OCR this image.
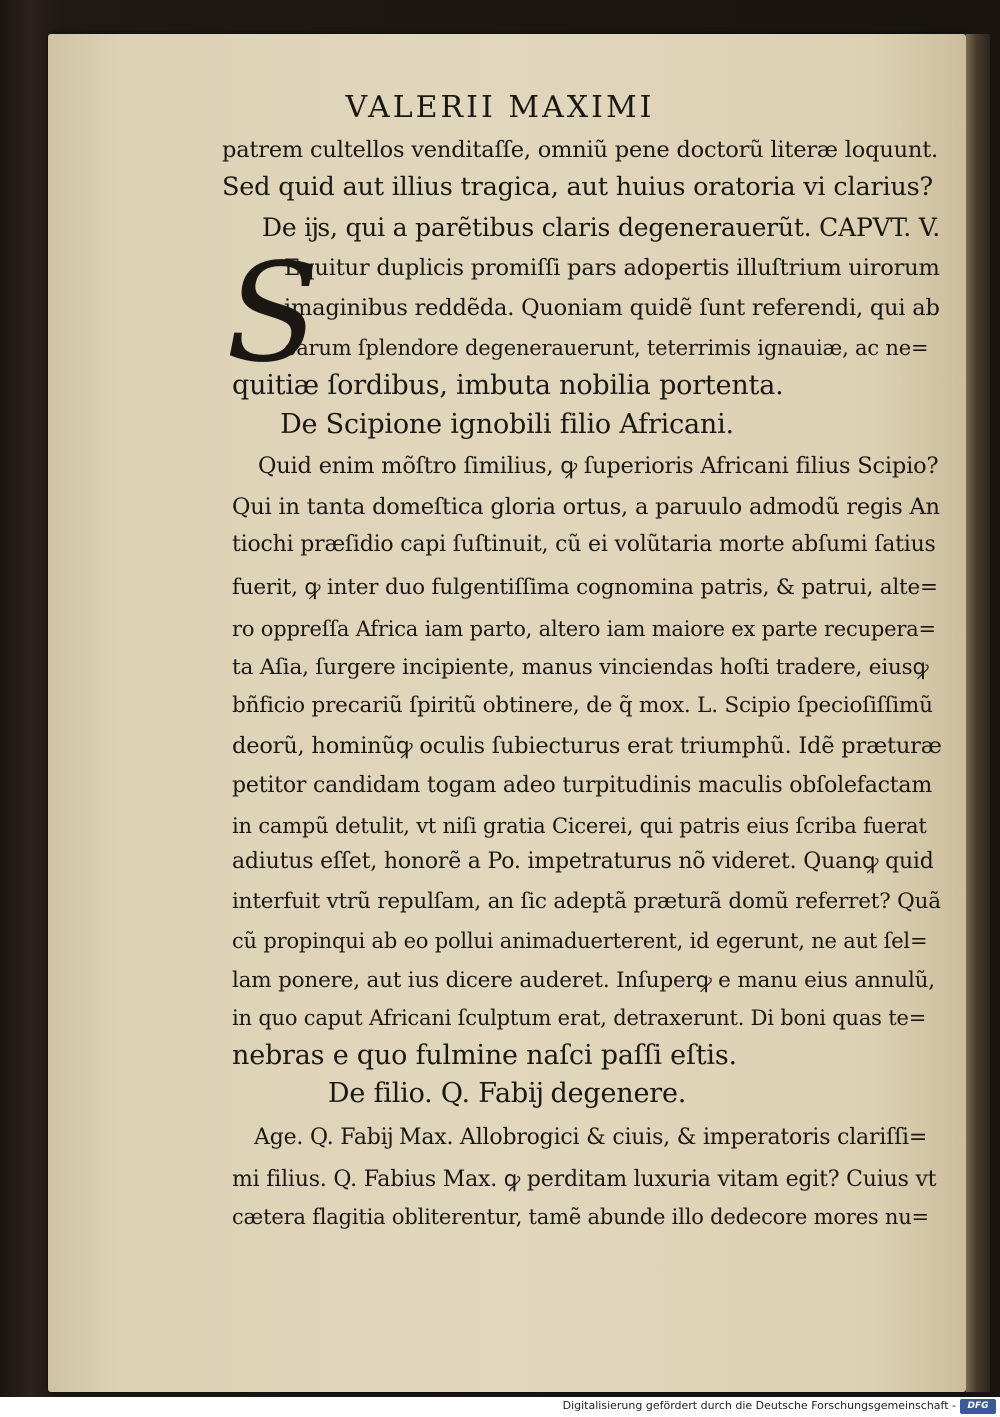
VALERII MAXIMI
S
patrem cultellos venditaſſe, omniũ pene doctorũ literæ loquunt.
Sed quid aut illius tragica, aut huius oratoria vi clarius?
De ĳs, qui a parẽtibus claris degenerauerũt. CAPVT. V.
Equitur duplicis promiſſi pars adopertis illuſtrium uirorum
imaginibus reddẽda. Quoniam quidẽ ſunt referendi, qui ab
earum ſplendore degenerauerunt, teterrimis ignauiæ, ac ne=
quitiæ ſordibus, imbuta nobilia portenta.
De Scipione ignobili filio Africani.
Quid enim mõſtro ſimilius, ꝙ ſuperioris Africani filius Scipio?
Qui in tanta domeſtica gloria ortus, a paruulo admodũ regis An
tiochi præſidio capi ſuſtinuit, cũ ei volũtaria morte abſumi ſatius
fuerit, ꝙ inter duo fulgentiſſima cognomina patris, & patrui, alte=
ro oppreſſa Africa iam parto, altero iam maiore ex parte recupera=
ta Aſia, ſurgere incipiente, manus vinciendas hoſti tradere, eiusꝙ
bñficio precariũ ſpiritũ obtinere, de q̃ mox. L. Scipio ſpecioſiſſimũ
deorũ, hominũꝙ oculis ſubiecturus erat triumphũ. Idẽ præturæ
petitor candidam togam adeo turpitudinis maculis obſolefactam
in campũ detulit, vt niſi gratia Cicerei, qui patris eius ſcriba fuerat
adiutus eſſet, honorẽ a Po. impetraturus nõ videret. Quanꝙ quid
interfuit vtrũ repulſam, an ſic adeptã præturã domũ referret? Quã
cũ propinqui ab eo pollui animaduerterent, id egerunt, ne aut ſel=
lam ponere, aut ius dicere auderet. Inſuperꝙ e manu eius annulũ,
in quo caput Africani ſculptum erat, detraxerunt. Di boni quas te=
nebras e quo fulmine naſci paſſi eſtis.
De filio. Q. Fabĳ degenere.
Age. Q. Fabĳ Max. Allobrogici & ciuis, & imperatoris clariſſi=
mi filius. Q. Fabius Max. ꝙ perditam luxuria vitam egit? Cuius vt
cætera flagitia obliterentur, tamẽ abunde illo dedecore mores nu=
Digitalisierung gefördert durch die Deutsche Forschungsgemeinschaft -	DFG
